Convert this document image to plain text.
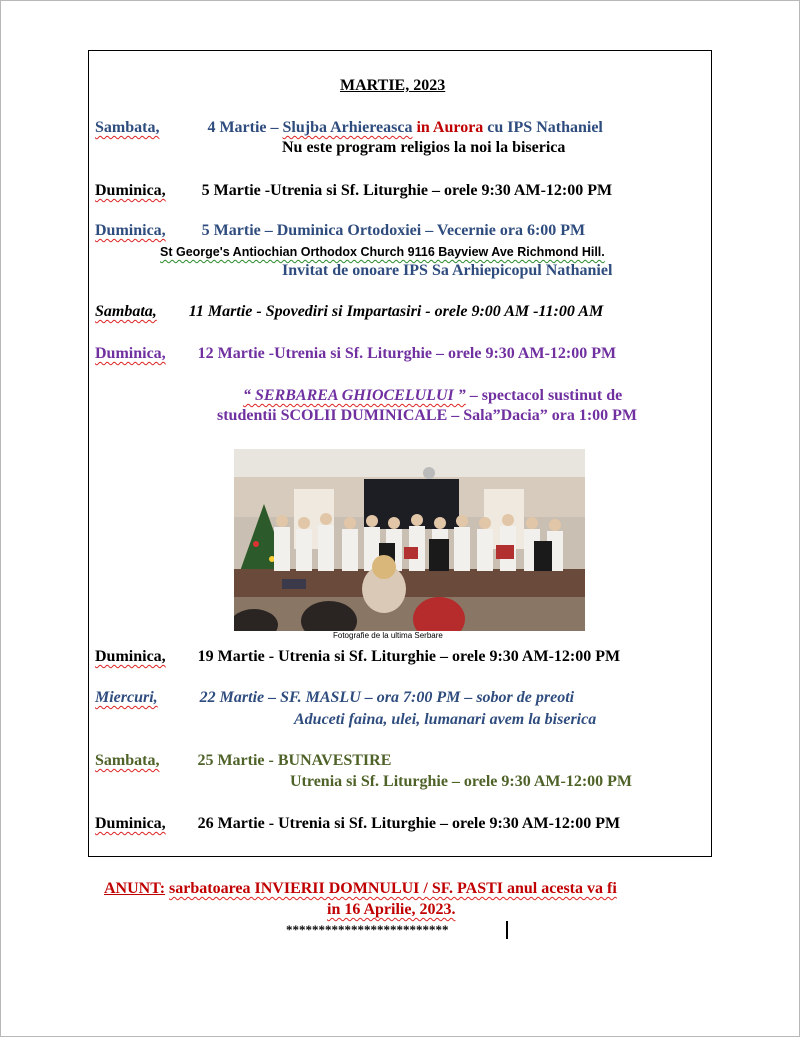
MARTIE, 2023
Sambata,	4 Martie – Slujba Arhiereasca in Aurora cu IPS Nathaniel
Nu este program religios la noi la biserica
Duminica, 5 Martie -Utrenia si Sf. Liturghie – orele 9:30 AM-12:00 PM
Duminica, 5 Martie – Duminica Ortodoxiei – Vecernie ora 6:00 PM
St George's Antiochian Orthodox Church 9116 Bayview Ave Richmond Hill.
Invitat de onoare IPS Sa Arhiepicopul Nathaniel
Sambata, 11 Martie - Spovediri si Impartasiri - orele 9:00 AM -11:00 AM
Duminica, 12 Martie -Utrenia si Sf. Liturghie – orele 9:30 AM-12:00 PM
“ SERBAREA GHIOCELULUI ” – spectacol sustinut de
studentii SCOLII DUMINICALE – Sala”Dacia” ora 1:00 PM
Fotografie de la ultima Serbare
Duminica, 19 Martie - Utrenia si Sf. Liturghie – orele 9:30 AM-12:00 PM
Miercuri,	22 Martie – SF. MASLU – ora 7:00 PM – sobor de preoti
Aduceti faina, ulei, lumanari avem la biserica
Sambata, 25 Martie - BUNAVESTIRE
Utrenia si Sf. Liturghie – orele 9:30 AM-12:00 PM
Duminica, 26 Martie - Utrenia si Sf. Liturghie – orele 9:30 AM-12:00 PM
ANUNT: sarbatoarea INVIERII DOMNULUI / SF. PASTI anul acesta va fi
in 16 Aprilie, 2023.
*************************
